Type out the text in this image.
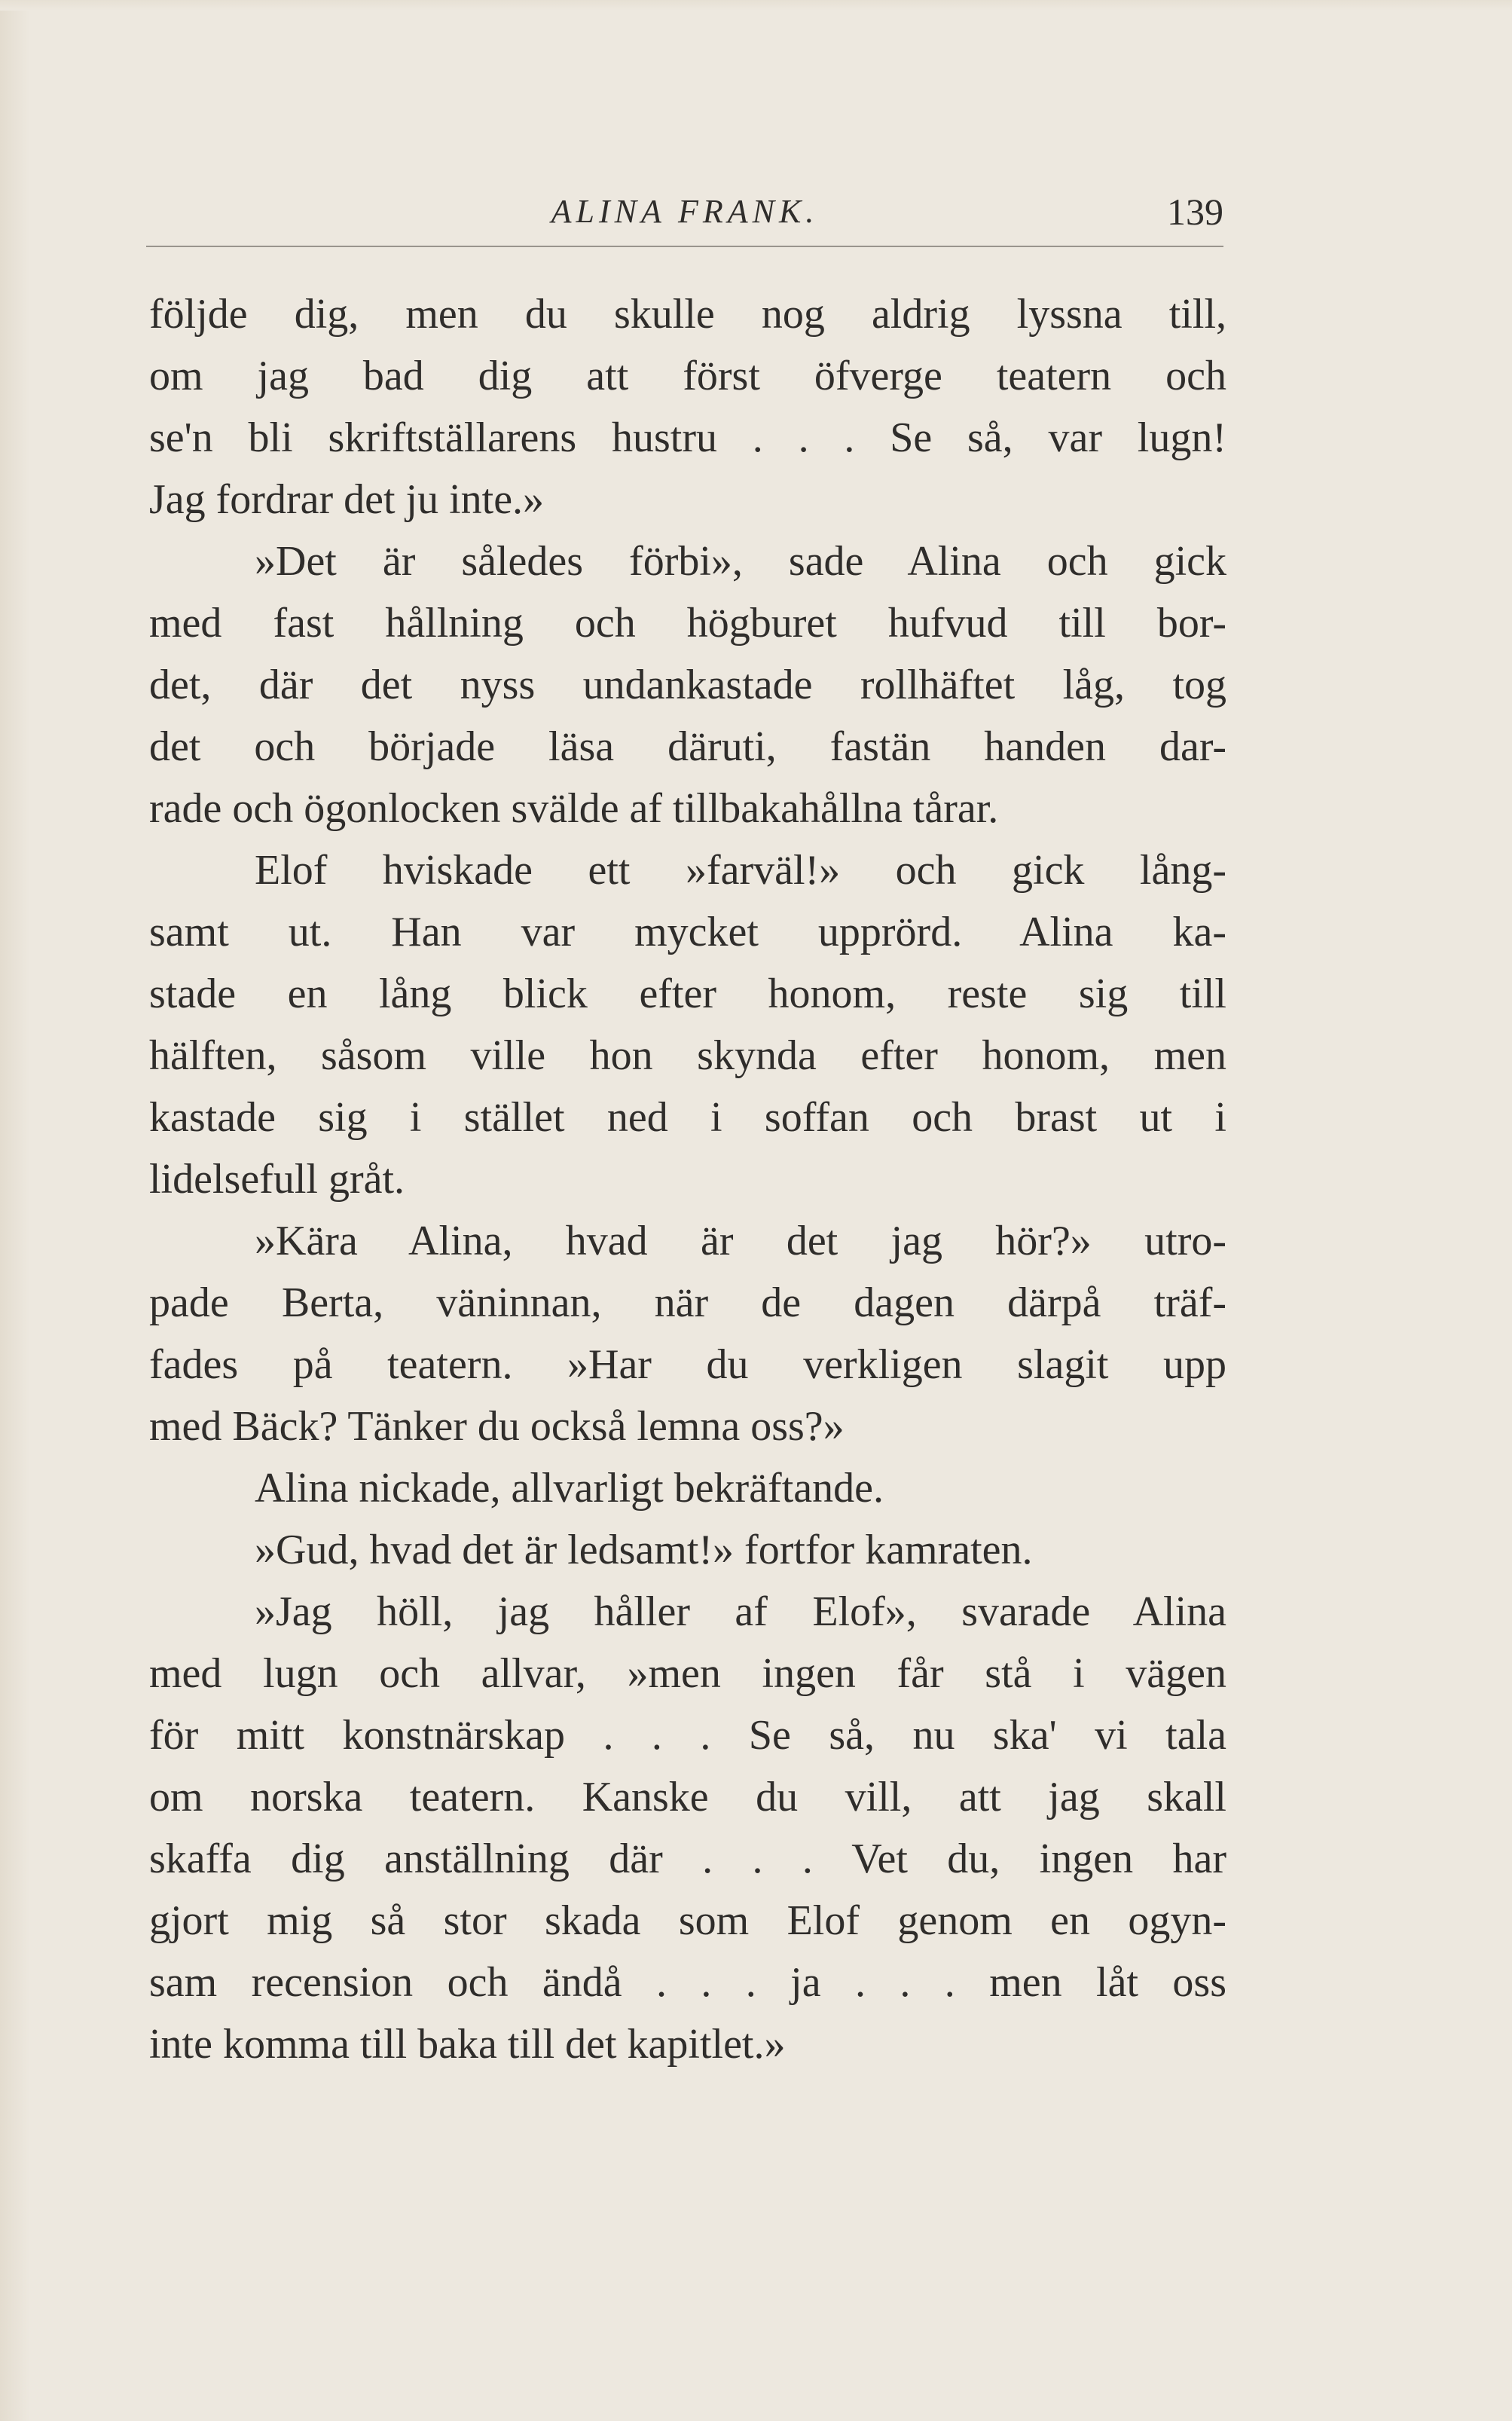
ALINA FRANK.	139
följde dig, men du skulle nog aldrig lyssna till,
om jag bad dig att först öfverge teatern och
se'n bli skriftställarens hustru . . . Se så, var lugn!
Jag fordrar det ju inte.»
»Det är således förbi», sade Alina och gick
med fast hållning och högburet hufvud till bor-
det, där det nyss undankastade rollhäftet låg, tog
det och började läsa däruti, fastän handen dar-
rade och ögonlocken svälde af tillbakahållna tårar.
Elof hviskade ett »farväl!» och gick lång-
samt ut. Han var mycket upprörd. Alina ka-
stade en lång blick efter honom, reste sig till
hälften, såsom ville hon skynda efter honom, men
kastade sig i stället ned i soffan och brast ut i
lidelsefull gråt.
»Kära Alina, hvad är det jag hör?» utro-
pade Berta, väninnan, när de dagen därpå träf-
fades på teatern. »Har du verkligen slagit upp
med Bäck? Tänker du också lemna oss?»
Alina nickade, allvarligt bekräftande.
»Gud, hvad det är ledsamt!» fortfor kamraten.
»Jag höll, jag håller af Elof», svarade Alina
med lugn och allvar, »men ingen får stå i vägen
för mitt konstnärskap . . . Se så, nu ska' vi tala
om norska teatern. Kanske du vill, att jag skall
skaffa dig anställning där . . . Vet du, ingen har
gjort mig så stor skada som Elof genom en ogyn-
sam recension och ändå . . . ja . . . men låt oss
inte komma till baka till det kapitlet.»
